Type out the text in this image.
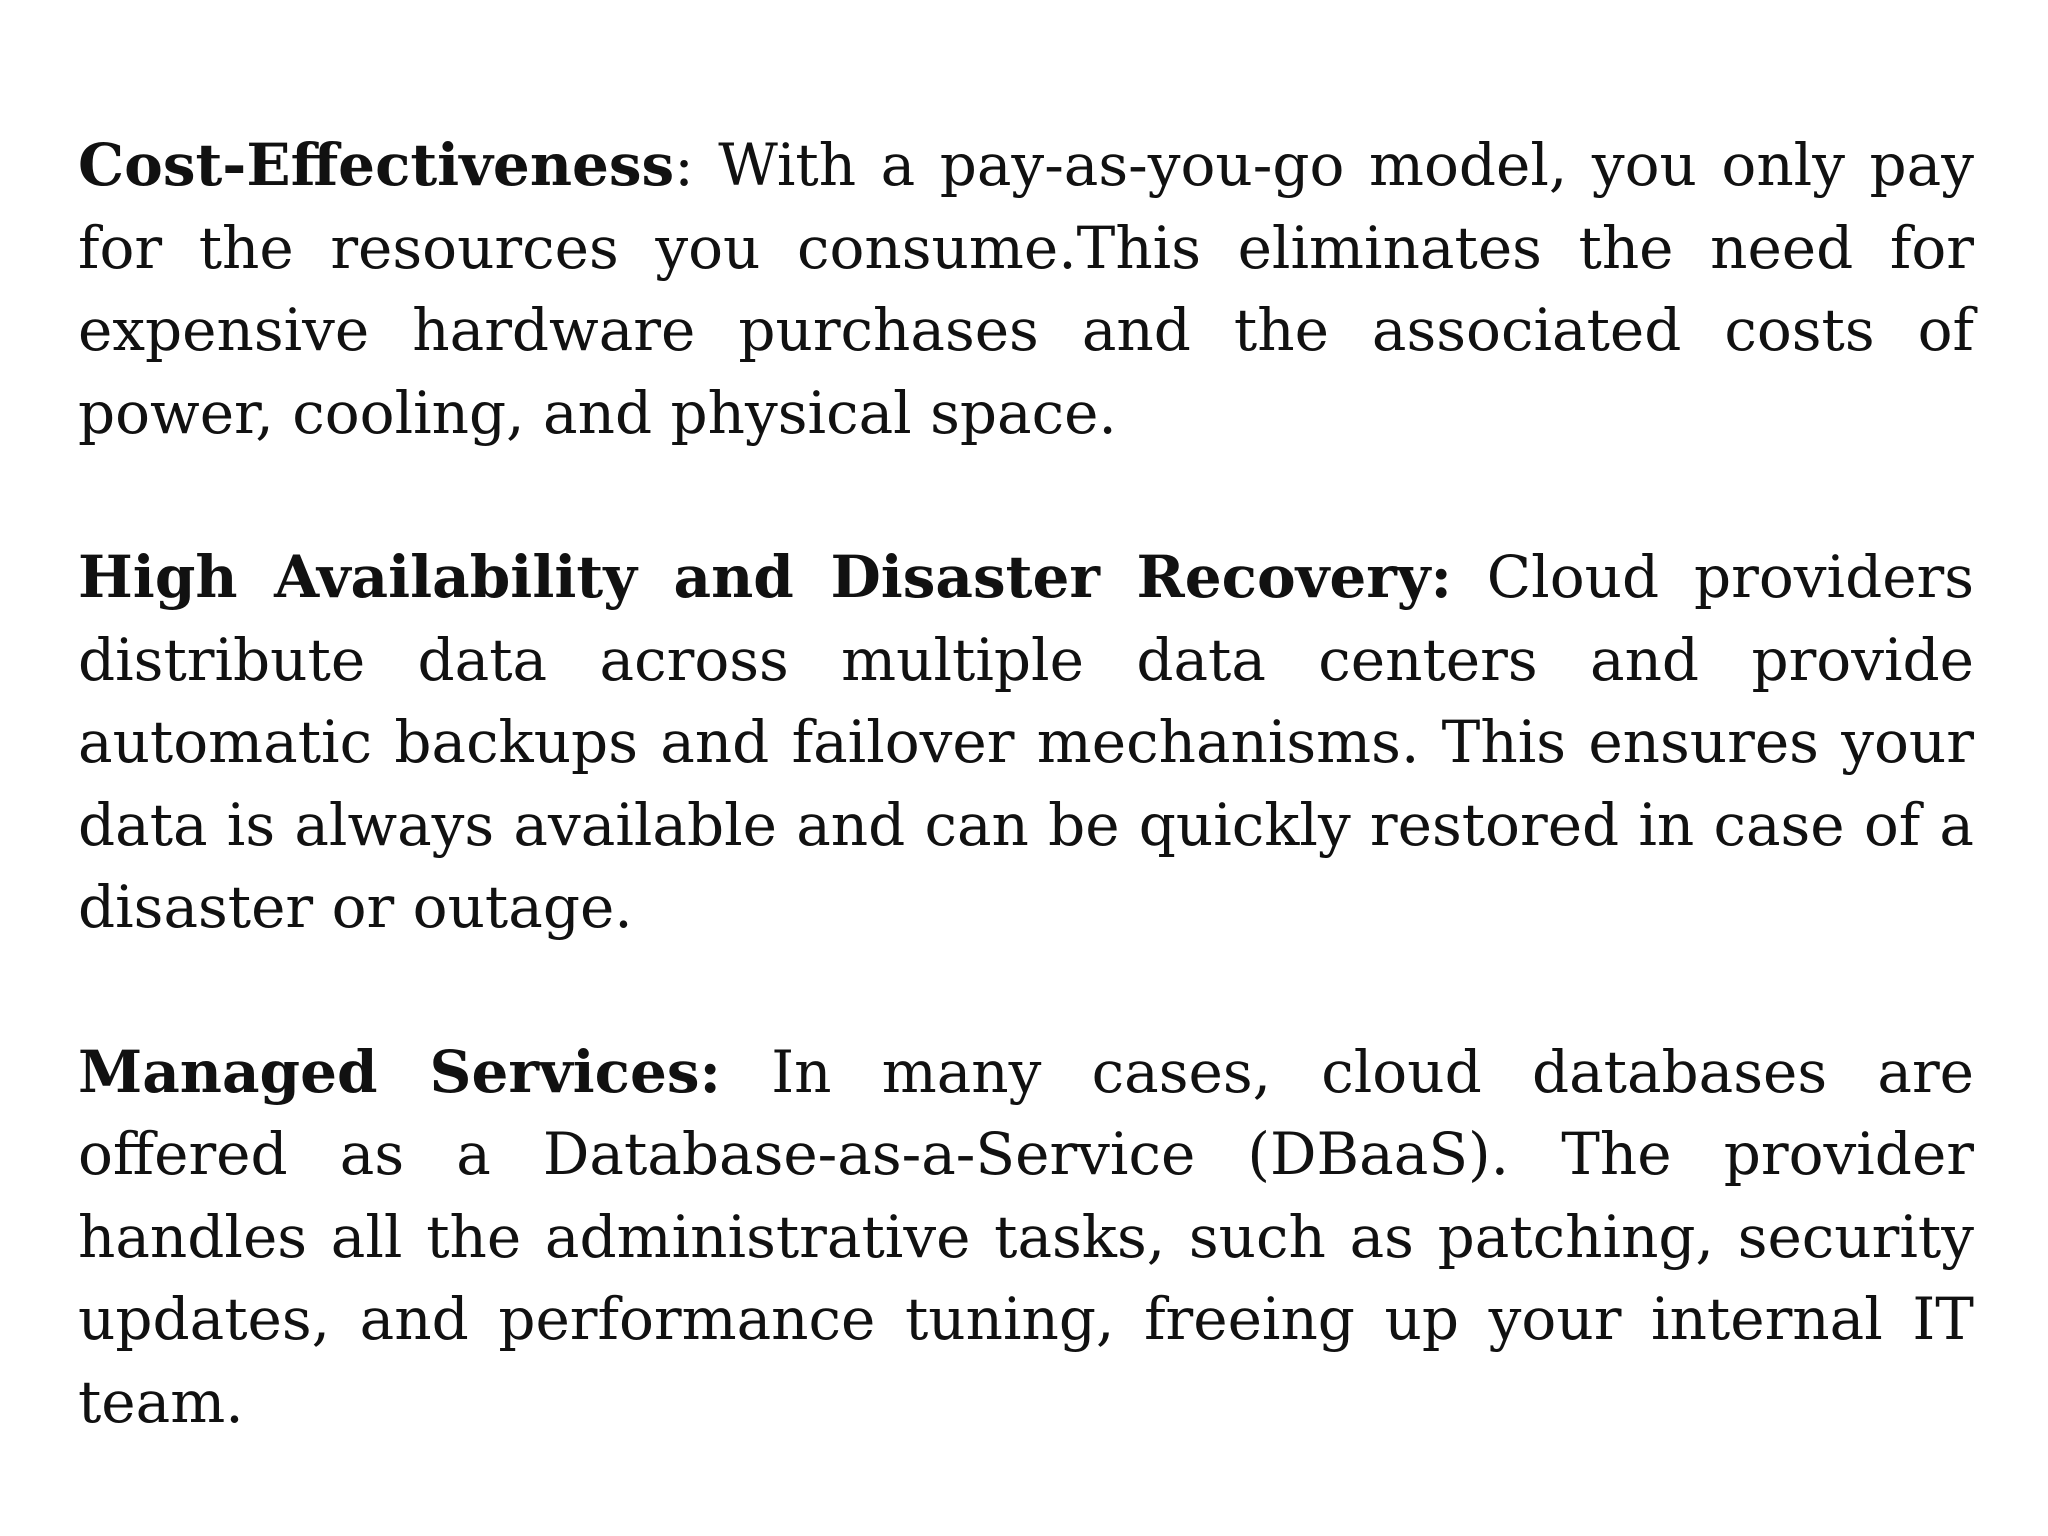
Cost-Effectiveness: With a pay-as-you-go model, you only pay for the resources you consume.This eliminates the need for expensive hardware purchases and the associated costs of power, cooling, and physical space.

High Availability and Disaster Recovery: Cloud providers distribute data across multiple data centers and provide automatic backups and failover mechanisms. This ensures your data is always available and can be quickly restored in case of a disaster or outage.

Managed Services: In many cases, cloud databases are offered as a Database-as-a-Service (DBaaS). The provider handles all the administrative tasks, such as patching, security updates, and performance tuning, freeing up your internal IT team.
